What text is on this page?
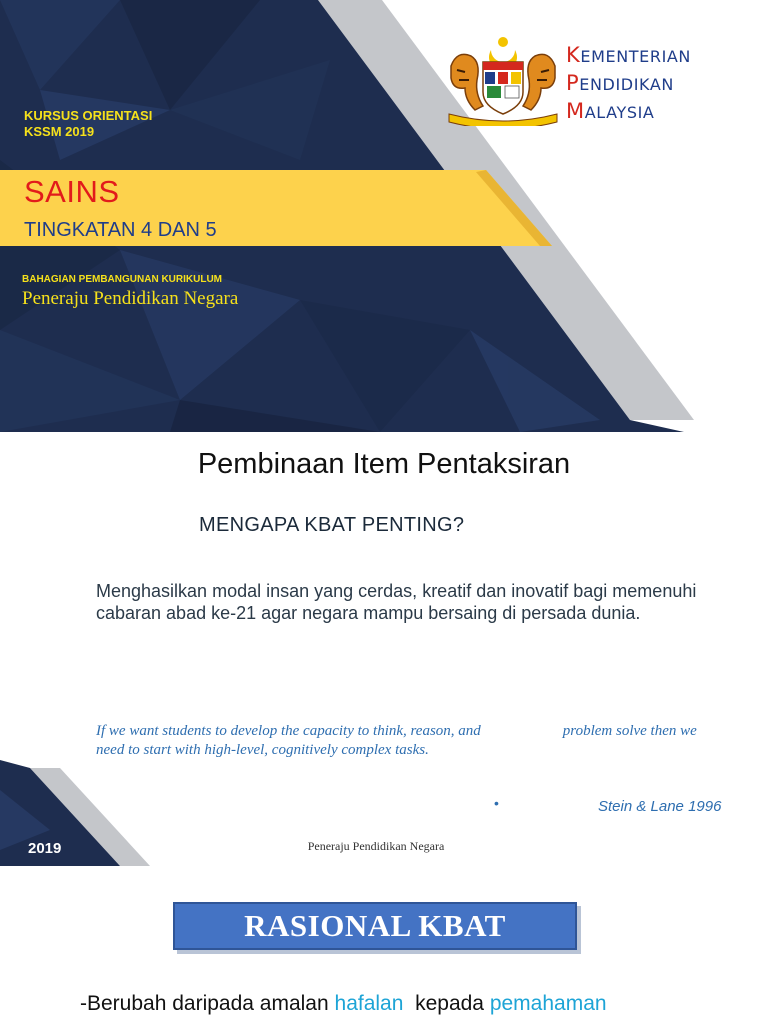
KURSUS ORIENTASI
KSSM 2019
SAINS
TINGKATAN 4 DAN 5
BAHAGIAN PEMBANGUNAN KURIKULUM
Peneraju Pendidikan Negara
KEMENTERIAN
PENDIDIKAN
MALAYSIA
Pembinaan Item Pentaksiran
MENGAPA KBAT PENTING?
Menghasilkan modal insan yang cerdas, kreatif dan inovatif bagi memenuhi cabaran abad ke-21 agar negara mampu bersaing di persada dunia.
If we want students to develop the capacity to think, reason, and	problem solve then we need to start with high-level, cognitively complex tasks.
•	Stein & Lane 1996
2019	Peneraju Pendidikan Negara
RASIONAL KBAT
-Berubah daripada amalan hafalan  kepada pemahaman
